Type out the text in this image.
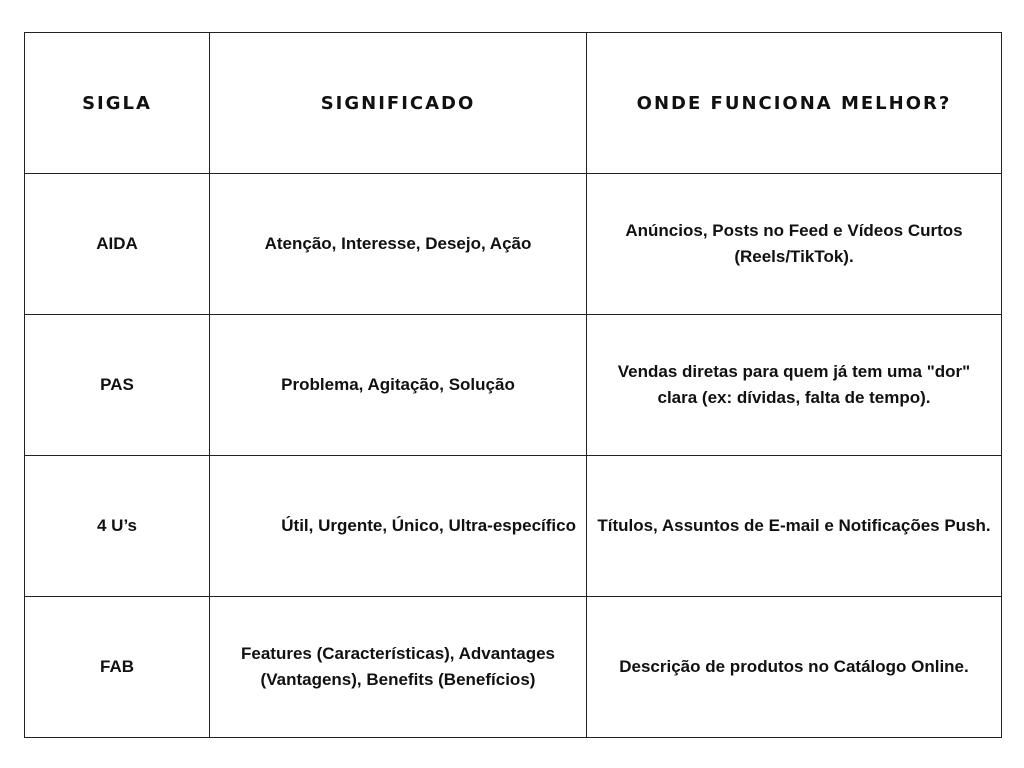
SIGLA	SIGNIFICADO	ONDE FUNCIONA MELHOR?
AIDA	Atenção, Interesse, Desejo, Ação	Anúncios, Posts no Feed e Vídeos Curtos (Reels/TikTok).
PAS	Problema, Agitação, Solução	Vendas diretas para quem já tem uma "dor" clara (ex: dívidas, falta de tempo).
4 U’s	Útil, Urgente, Único, Ultra-específico	Títulos, Assuntos de E-mail e Notificações Push.
FAB	Features (Características), Advantages (Vantagens), Benefits (Benefícios)	Descrição de produtos no Catálogo Online.
